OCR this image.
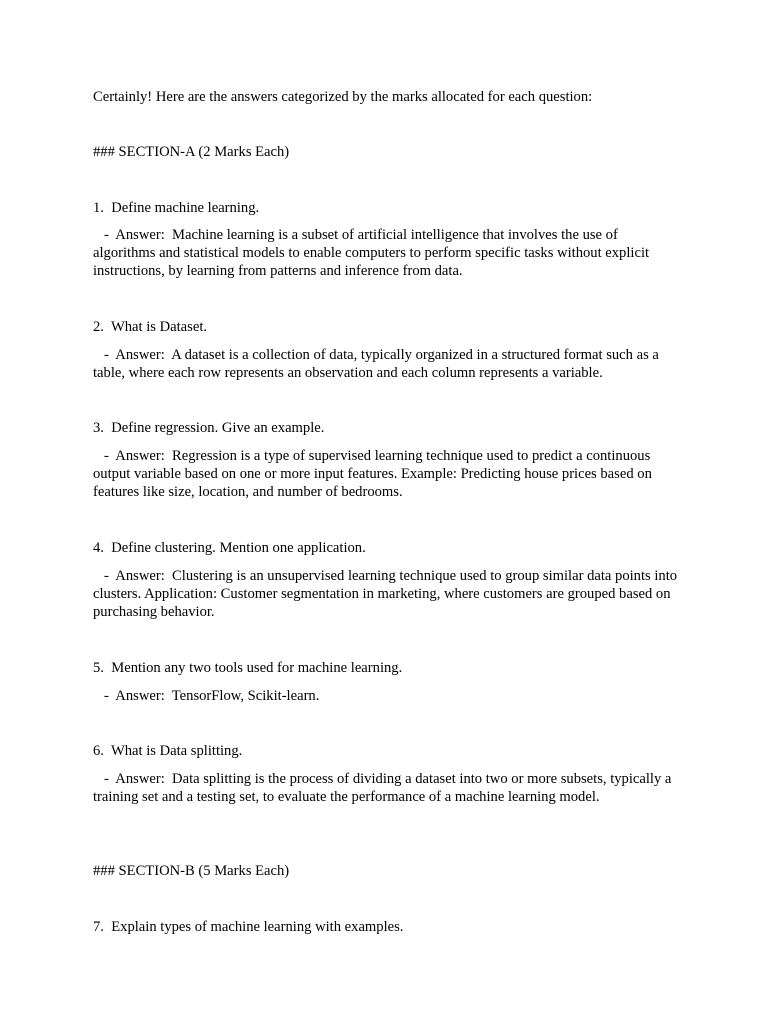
Certainly! Here are the answers categorized by the marks allocated for each question:

### SECTION-A (2 Marks Each)

1.  Define machine learning.

-  Answer:  Machine learning is a subset of artificial intelligence that involves the use of algorithms and statistical models to enable computers to perform specific tasks without explicit instructions, by learning from patterns and inference from data.

2.  What is Dataset.

-  Answer:  A dataset is a collection of data, typically organized in a structured format such as a table, where each row represents an observation and each column represents a variable.

3.  Define regression. Give an example.

-  Answer:  Regression is a type of supervised learning technique used to predict a continuous output variable based on one or more input features. Example: Predicting house prices based on features like size, location, and number of bedrooms.

4.  Define clustering. Mention one application.

-  Answer:  Clustering is an unsupervised learning technique used to group similar data points into clusters. Application: Customer segmentation in marketing, where customers are grouped based on purchasing behavior.

5.  Mention any two tools used for machine learning.

-  Answer:  TensorFlow, Scikit-learn.

6.  What is Data splitting.

-  Answer:  Data splitting is the process of dividing a dataset into two or more subsets, typically a training set and a testing set, to evaluate the performance of a machine learning model.

### SECTION-B (5 Marks Each)

7.  Explain types of machine learning with examples.
